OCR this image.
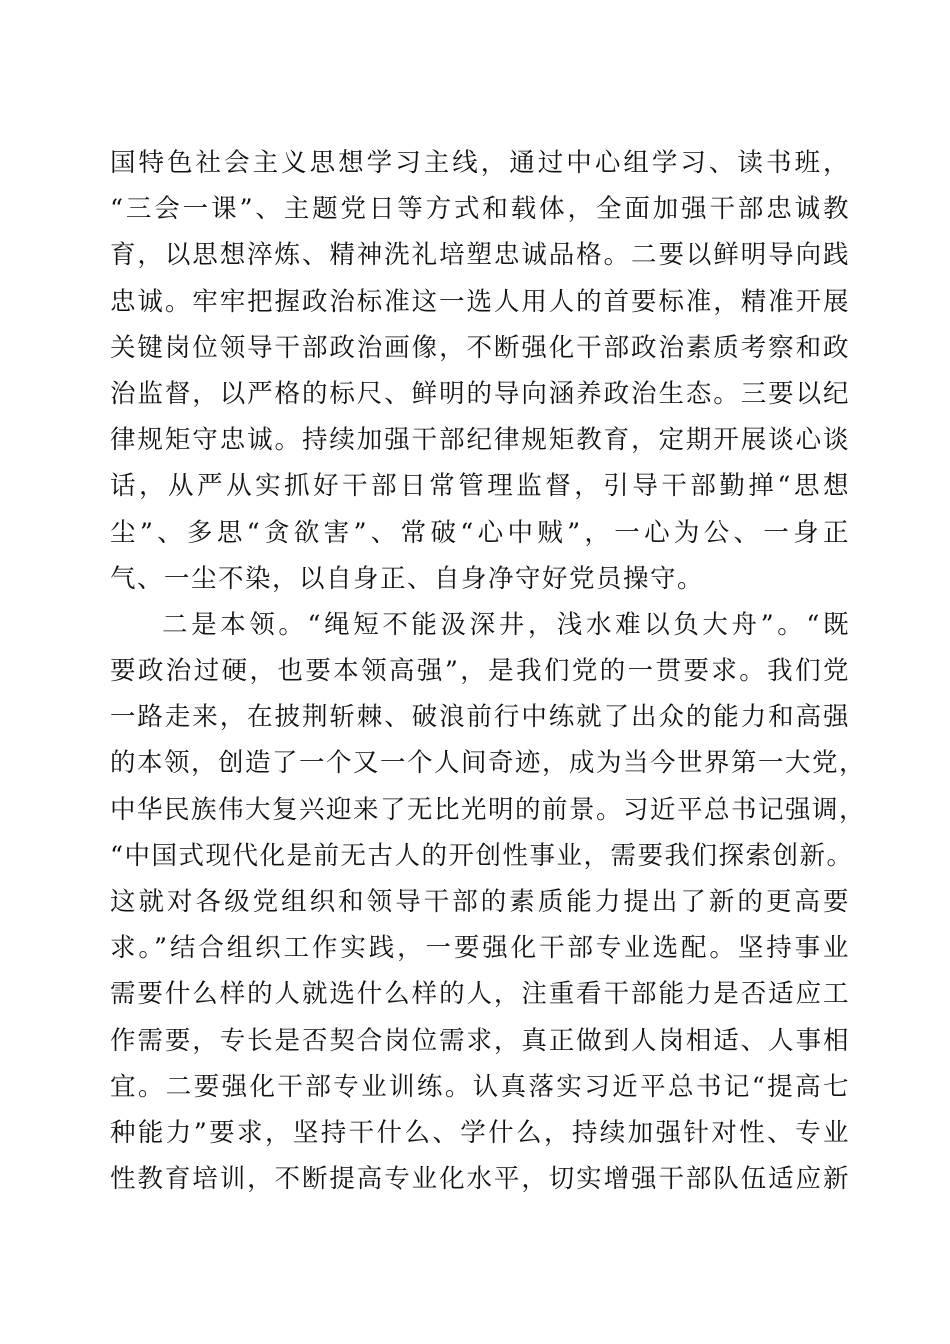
国特色社会主义思想学习主线，通过中心组学习、读书班，
“三会一课”、主题党日等方式和载体，全面加强干部忠诚教
育，以思想淬炼、精神洗礼培塑忠诚品格。二要以鲜明导向践
忠诚。牢牢把握政治标准这一选人用人的首要标准，精准开展
关键岗位领导干部政治画像，不断强化干部政治素质考察和政
治监督，以严格的标尺、鲜明的导向涵养政治生态。三要以纪
律规矩守忠诚。持续加强干部纪律规矩教育，定期开展谈心谈
话，从严从实抓好干部日常管理监督，引导干部勤掸“思想
尘”、多思“贪欲害”、常破“心中贼”，一心为公、一身正
气、一尘不染，以自身正、自身净守好党员操守。
二是本领。“绳短不能汲深井，浅水难以负大舟”。“既
要政治过硬，也要本领高强”，是我们党的一贯要求。我们党
一路走来，在披荆斩棘、破浪前行中练就了出众的能力和高强
的本领，创造了一个又一个人间奇迹，成为当今世界第一大党，
中华民族伟大复兴迎来了无比光明的前景。习近平总书记强调，
“中国式现代化是前无古人的开创性事业，需要我们探索创新。
这就对各级党组织和领导干部的素质能力提出了新的更高要
求。”结合组织工作实践，一要强化干部专业选配。坚持事业
需要什么样的人就选什么样的人，注重看干部能力是否适应工
作需要，专长是否契合岗位需求，真正做到人岗相适、人事相
宜。二要强化干部专业训练。认真落实习近平总书记“提高七
种能力”要求，坚持干什么、学什么，持续加强针对性、专业
性教育培训，不断提高专业化水平，切实增强干部队伍适应新
